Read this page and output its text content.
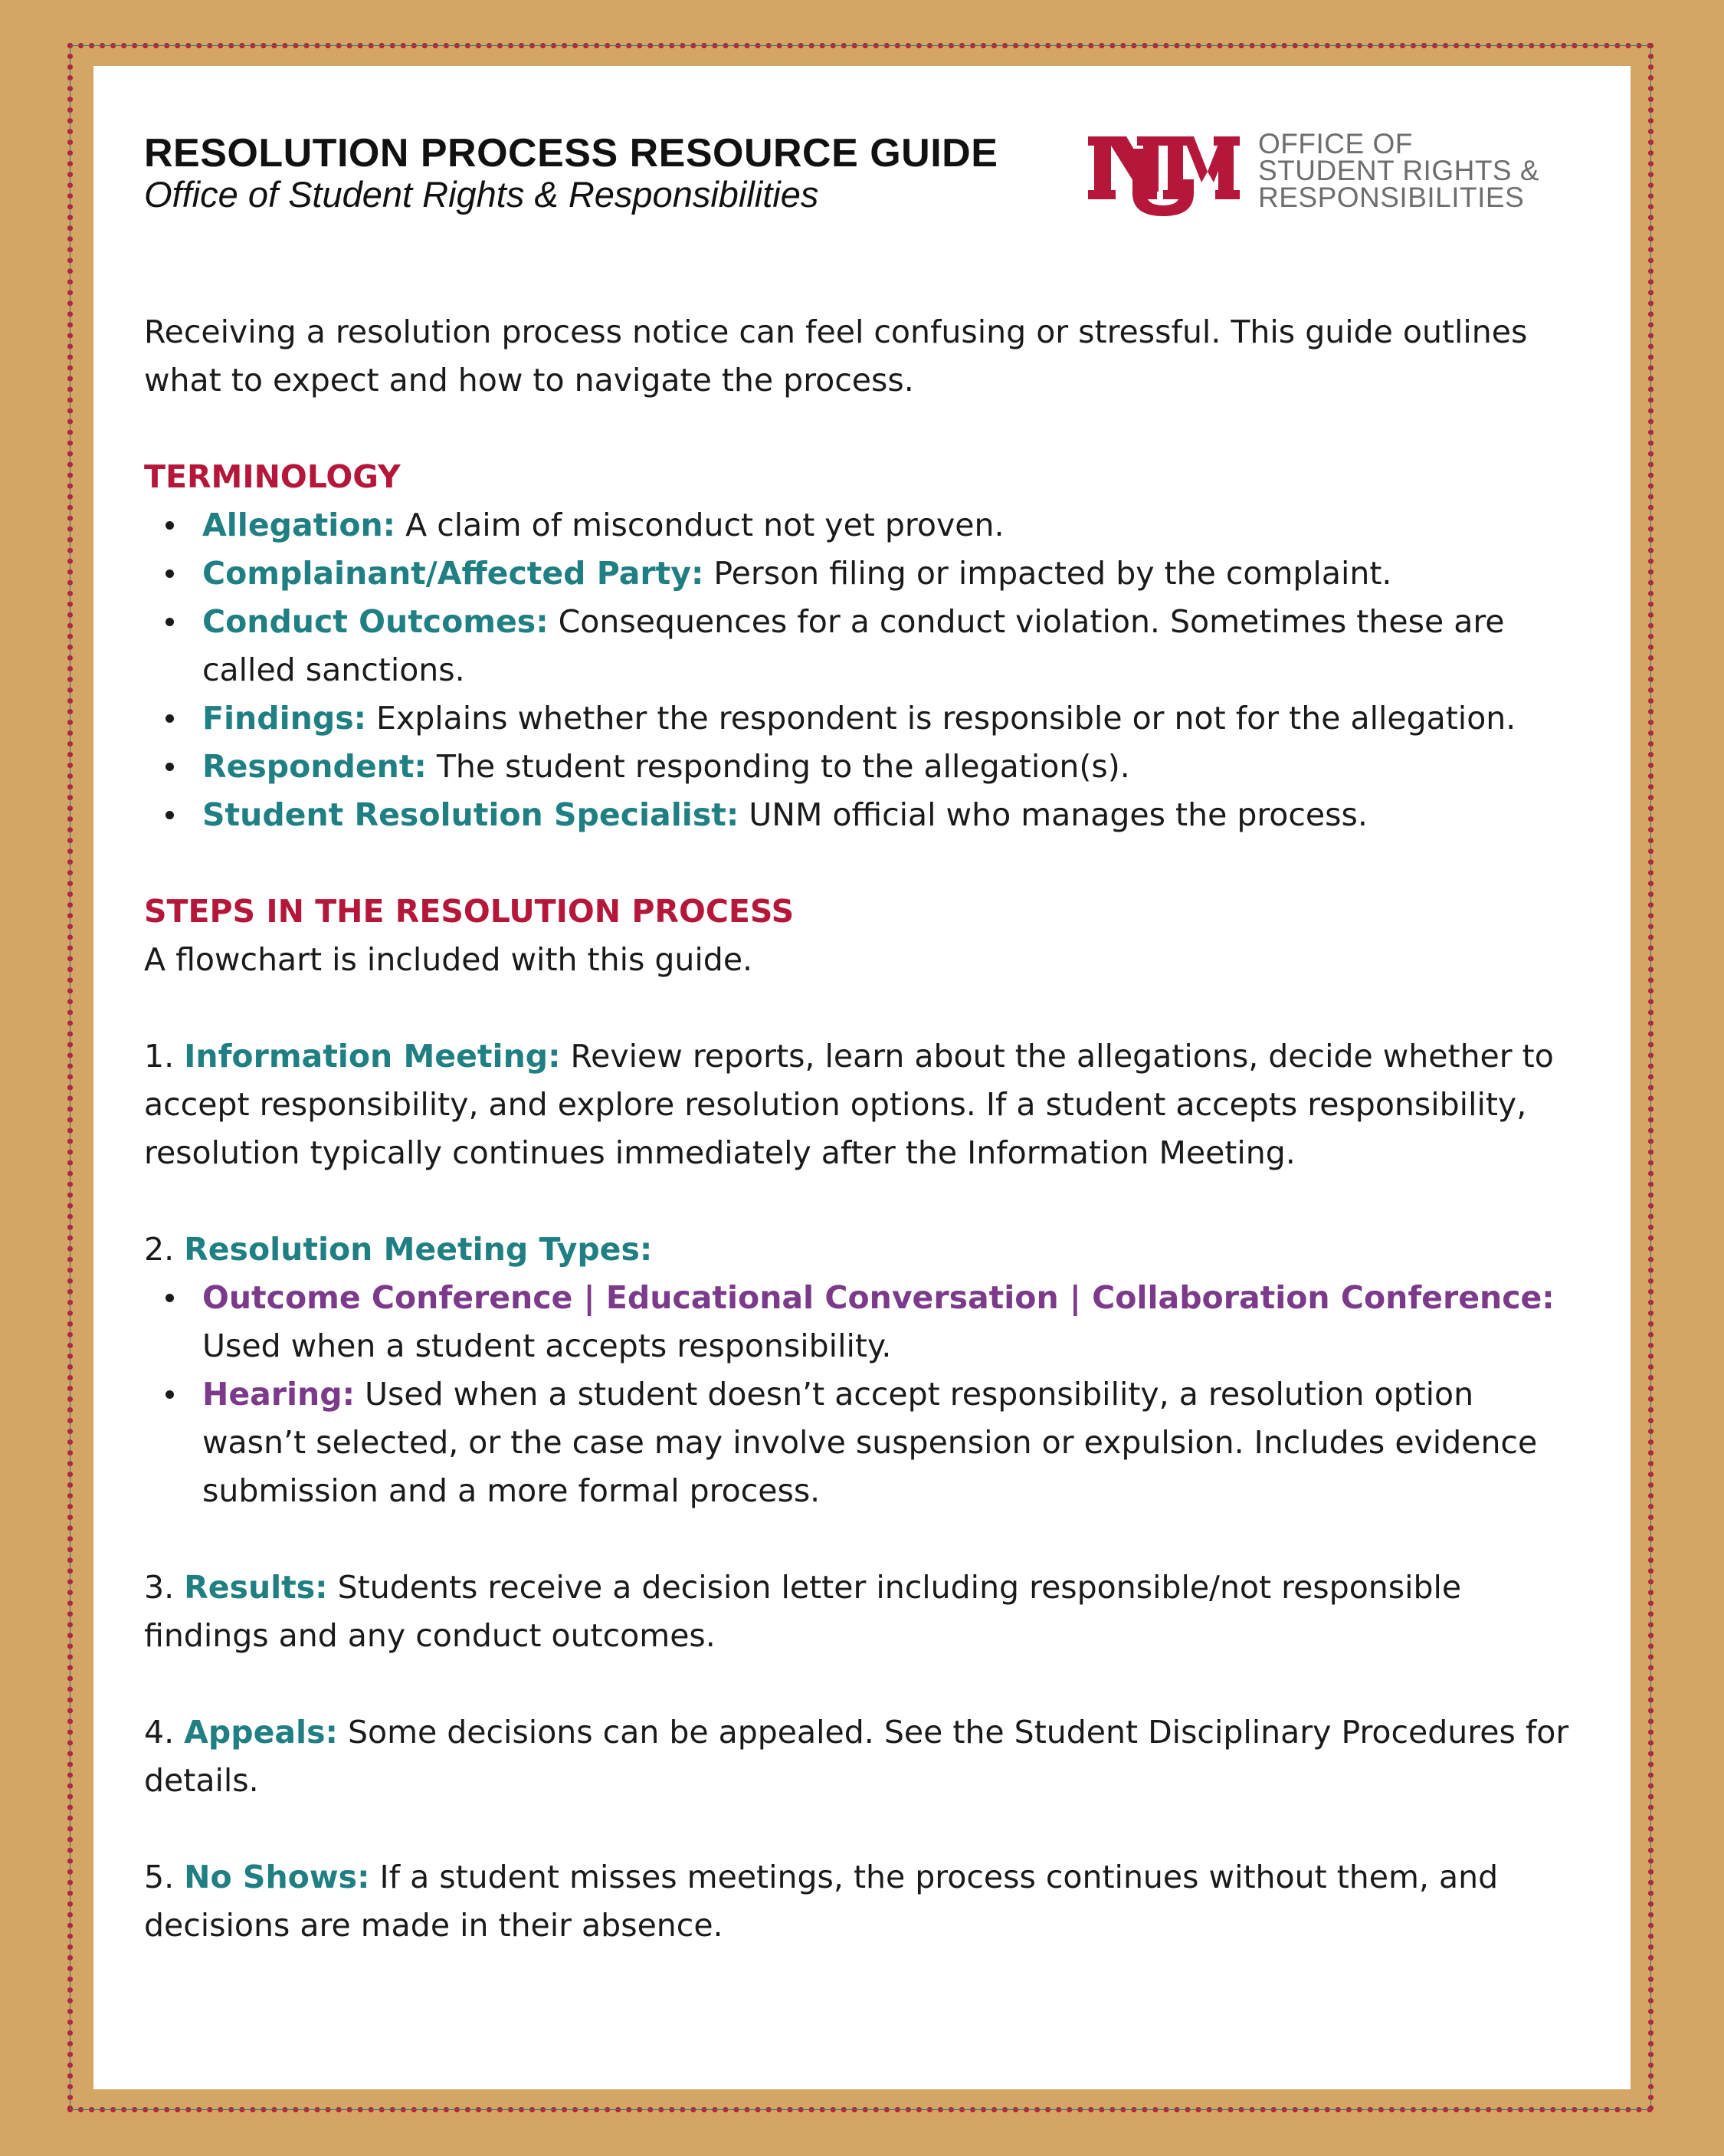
RESOLUTION PROCESS RESOURCE GUIDE
Office of Student Rights & Responsibilities
OFFICE OF
STUDENT RIGHTS &
RESPONSIBILITIES

Receiving a resolution process notice can feel confusing or stressful. This guide outlines what to expect and how to navigate the process.

TERMINOLOGY

Allegation: A claim of misconduct not yet proven.
Complainant/Affected Party: Person filing or impacted by the complaint.
Conduct Outcomes: Consequences for a conduct violation. Sometimes these are called sanctions.
Findings: Explains whether the respondent is responsible or not for the allegation.
Respondent: The student responding to the allegation(s).
Student Resolution Specialist: UNM official who manages the process.

STEPS IN THE RESOLUTION PROCESS

A flowchart is included with this guide.

1. Information Meeting: Review reports, learn about the allegations, decide whether to accept responsibility, and explore resolution options. If a student accepts responsibility, resolution typically continues immediately after the Information Meeting.

2. Resolution Meeting Types:

Outcome Conference | Educational Conversation | Collaboration Conference: Used when a student accepts responsibility.
Hearing: Used when a student doesn’t accept responsibility, a resolution option wasn’t selected, or the case may involve suspension or expulsion. Includes evidence submission and a more formal process.

3. Results: Students receive a decision letter including responsible/not responsible findings and any conduct outcomes.

4. Appeals: Some decisions can be appealed. See the Student Disciplinary Procedures for details.

5. No Shows: If a student misses meetings, the process continues without them, and decisions are made in their absence.
